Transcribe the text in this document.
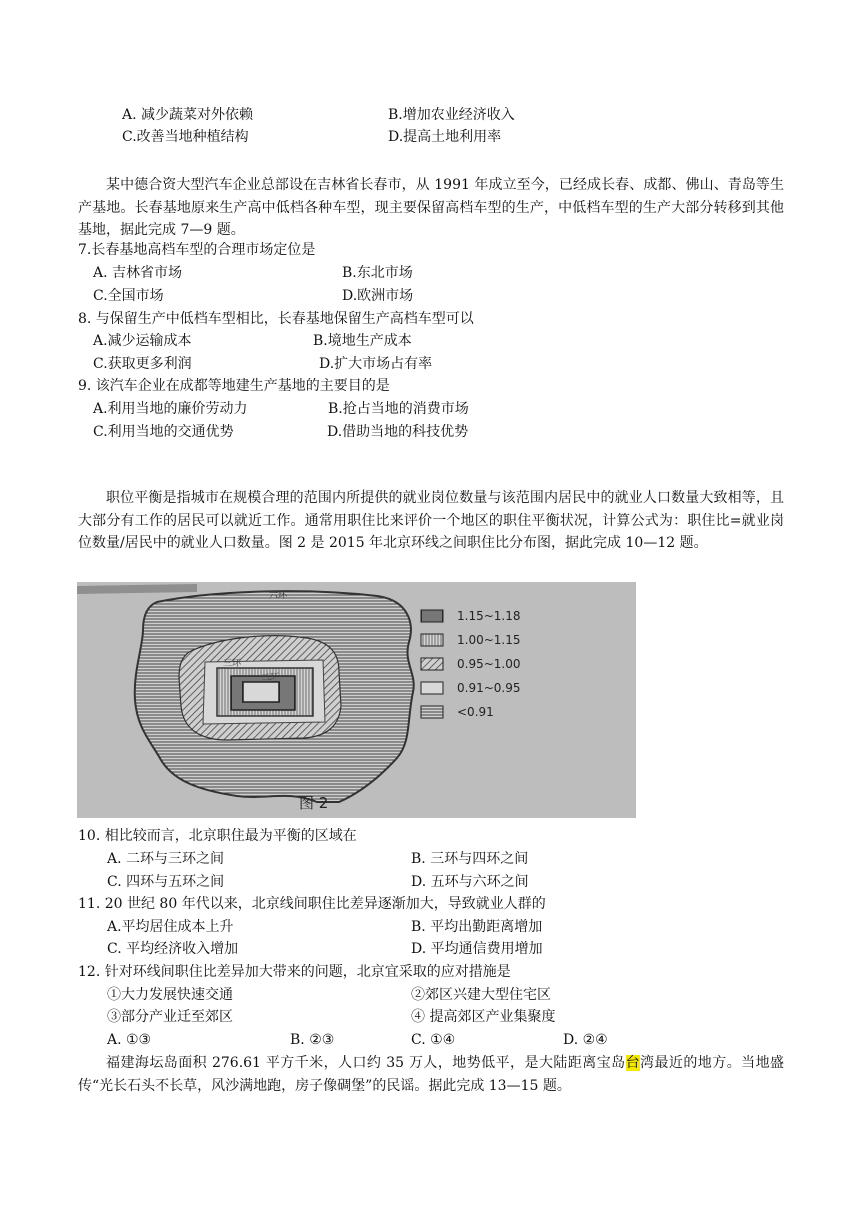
A. 减少蔬菜对外依赖	B.增加农业经济收入
C.改善当地种植结构	D.提高土地利用率
某中德合资大型汽车企业总部设在吉林省长春市，从 1991 年成立至今，已经成长春、成都、佛山、青岛等生产基地。长春基地原来生产高中低档各种车型，现主要保留高档车型的生产，中低档车型的生产大部分转移到其他基地，据此完成 7—9 题。
7.长春基地高档车型的合理市场定位是
A. 吉林省市场	B.东北市场
C.全国市场	D.欧洲市场
8. 与保留生产中低档车型相比，长春基地保留生产高档车型可以
A.减少运输成本	B.境地生产成本
C.获取更多利润	D.扩大市场占有率
9. 该汽车企业在成都等地建生产基地的主要目的是
A.利用当地的廉价劳动力	B.抢占当地的消费市场
C.利用当地的交通优势	D.借助当地的科技优势
职位平衡是指城市在规模合理的范围内所提供的就业岗位数量与该范围内居民中的就业人口数量大致相等，且大部分有工作的居民可以就近工作。通常用职住比来评价一个地区的职住平衡状况，计算公式为：职住比=就业岗位数量/居民中的就业人口数量。图 2 是 2015 年北京环线之间职住比分布图，据此完成 10—12 题。
六环
三环
二环
1.15~1.18
1.00~1.15
0.95~1.00
0.91~0.95
<0.91
图 2
10. 相比较而言，北京职住最为平衡的区域在
A. 二环与三环之间	B. 三环与四环之间
C. 四环与五环之间	D. 五环与六环之间
11. 20 世纪 80 年代以来，北京线间职住比差异逐渐加大，导致就业人群的
A.平均居住成本上升	B. 平均出勤距离增加
C. 平均经济收入增加	D. 平均通信费用增加
12. 针对环线间职住比差异加大带来的问题，北京宜采取的应对措施是
①大力发展快速交通	②郊区兴建大型住宅区
③部分产业迁至郊区	④ 提高郊区产业集聚度
A. ①③	B. ②③	C. ①④	D. ②④
福建海坛岛面积 276.61 平方千米，人口约 35 万人，地势低平，是大陆距离宝岛台湾最近的地方。当地盛传“光长石头不长草，风沙满地跑，房子像碉堡”的民谣。据此完成 13—15 题。
